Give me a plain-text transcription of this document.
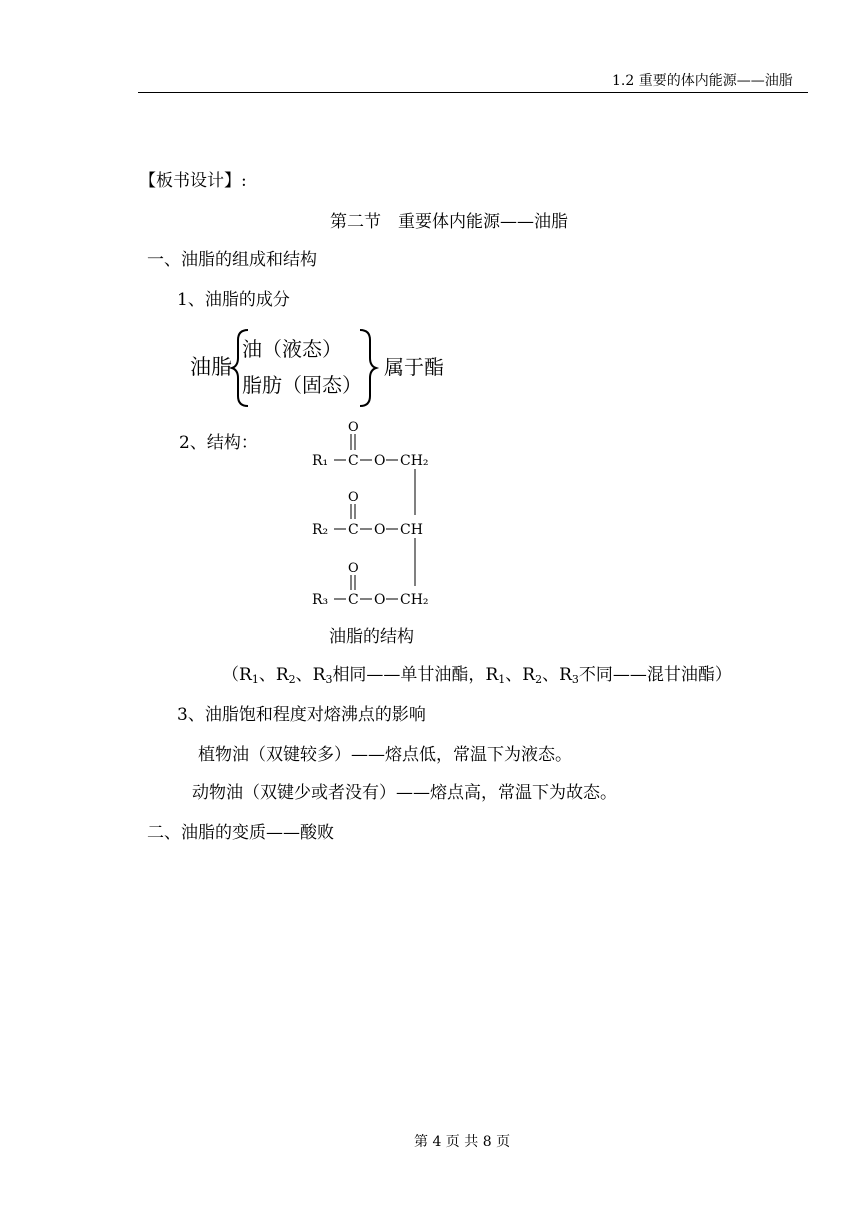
1.2 重要的体内能源——油脂
【板书设计】:
第二节　重要体内能源——油脂
一、油脂的组成和结构
1、油脂的成分
油脂
油（液态）
脂肪（固态）
属于酯
2、结构：
O
R₁ C O CH₂
O
R₂ C O CH
O
R₃ C O CH₂
油脂的结构
（$R_1$、$R_2$、$R_3$相同——单甘油酯，$R_1$、$R_2$、$R_3$不同——混甘油酯）
3、油脂饱和程度对熔沸点的影响
植物油（双键较多）——熔点低，常温下为液态。
动物油（双键少或者没有）——熔点高，常温下为故态。
二、油脂的变质——酸败
第 4 页 共 8 页
